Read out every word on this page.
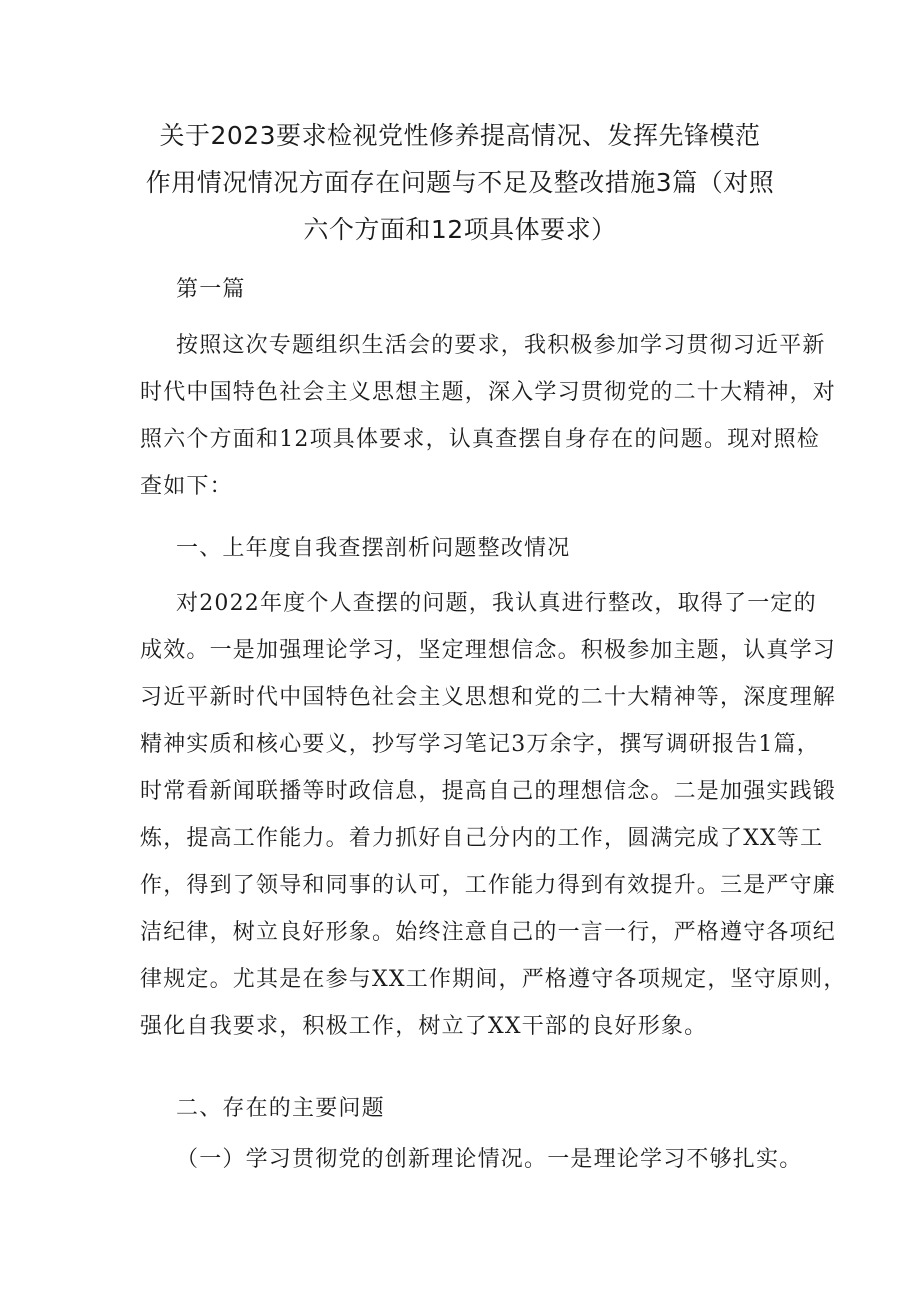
关于2023要求检视党性修养提高情况、发挥先锋模范
作用情况情况方面存在问题与不足及整改措施3篇（对照
六个方面和12项具体要求）

第一篇

按照这次专题组织生活会的要求，我积极参加学习贯彻习近平新
时代中国特色社会主义思想主题，深入学习贯彻党的二十大精神，对
照六个方面和12项具体要求，认真查摆自身存在的问题。现对照检
查如下：

一、上年度自我查摆剖析问题整改情况

对2022年度个人查摆的问题，我认真进行整改，取得了一定的
成效。一是加强理论学习，坚定理想信念。积极参加主题，认真学习
习近平新时代中国特色社会主义思想和党的二十大精神等，深度理解
精神实质和核心要义，抄写学习笔记3万余字，撰写调研报告1篇，
时常看新闻联播等时政信息，提高自己的理想信念。二是加强实践锻
炼，提高工作能力。着力抓好自己分内的工作，圆满完成了XX等工
作，得到了领导和同事的认可，工作能力得到有效提升。三是严守廉
洁纪律，树立良好形象。始终注意自己的一言一行，严格遵守各项纪
律规定。尤其是在参与XX工作期间，严格遵守各项规定，坚守原则，
强化自我要求，积极工作，树立了XX干部的良好形象。

二、存在的主要问题

（一）学习贯彻党的创新理论情况。一是理论学习不够扎实。
